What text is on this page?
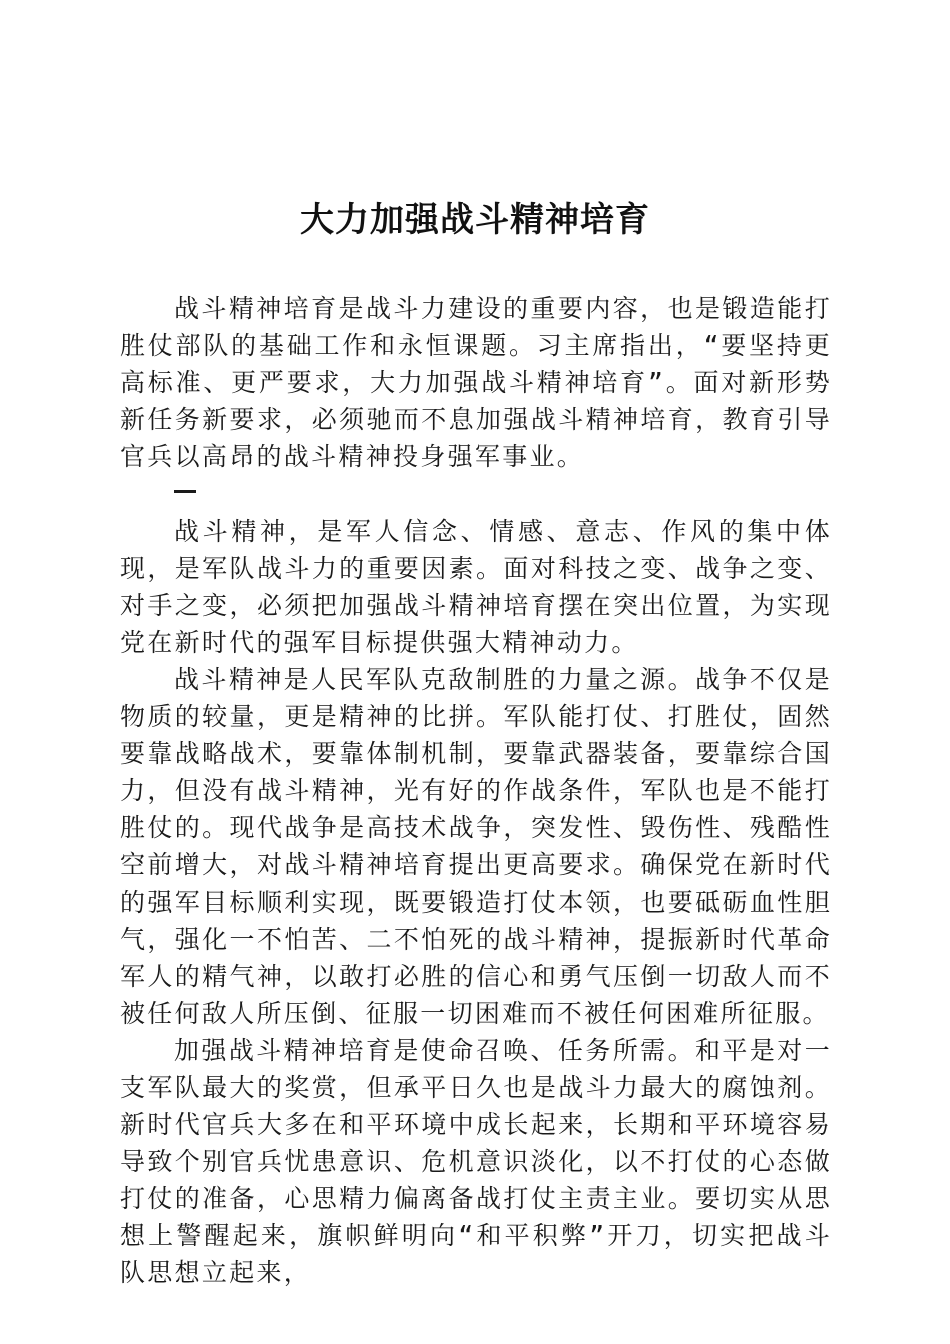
大力加强战斗精神培育

战斗精神培育是战斗力建设的重要内容，也是锻造能打胜仗部队的基础工作和永恒课题。习主席指出，“要坚持更高标准、更严要求，大力加强战斗精神培育”。面对新形势新任务新要求，必须驰而不息加强战斗精神培育，教育引导官兵以高昂的战斗精神投身强军事业。

战斗精神，是军人信念、情感、意志、作风的集中体现，是军队战斗力的重要因素。面对科技之变、战争之变、对手之变，必须把加强战斗精神培育摆在突出位置，为实现党在新时代的强军目标提供强大精神动力。

战斗精神是人民军队克敌制胜的力量之源。战争不仅是物质的较量，更是精神的比拼。军队能打仗、打胜仗，固然要靠战略战术，要靠体制机制，要靠武器装备，要靠综合国力，但没有战斗精神，光有好的作战条件，军队也是不能打胜仗的。现代战争是高技术战争，突发性、毁伤性、残酷性空前增大，对战斗精神培育提出更高要求。确保党在新时代的强军目标顺利实现，既要锻造打仗本领，也要砥砺血性胆气，强化一不怕苦、二不怕死的战斗精神，提振新时代革命军人的精气神，以敢打必胜的信心和勇气压倒一切敌人而不被任何敌人所压倒、征服一切困难而不被任何困难所征服。

加强战斗精神培育是使命召唤、任务所需。和平是对一支军队最大的奖赏，但承平日久也是战斗力最大的腐蚀剂。新时代官兵大多在和平环境中成长起来，长期和平环境容易导致个别官兵忧患意识、危机意识淡化，以不打仗的心态做打仗的准备，心思精力偏离备战打仗主责主业。要切实从思想上警醒起来，旗帜鲜明向“和平积弊”开刀，切实把战斗队思想立起来，
